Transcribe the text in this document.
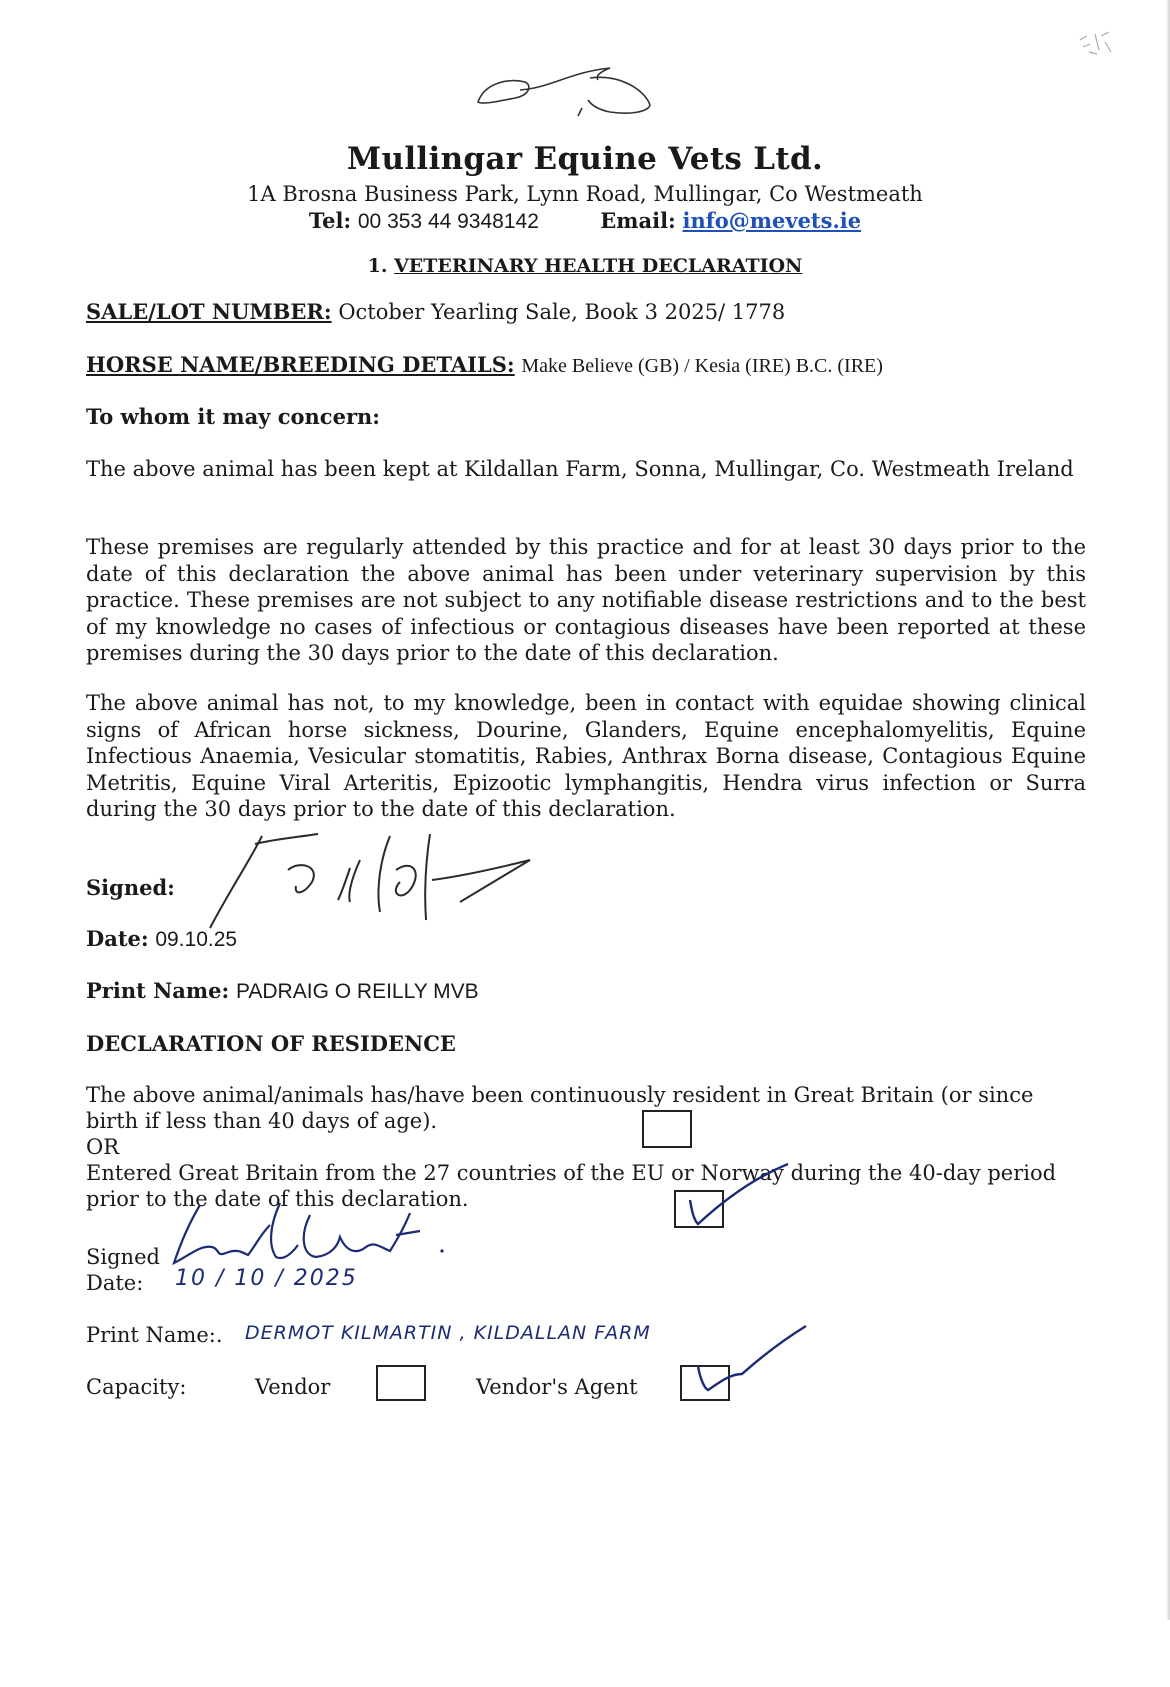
Mullingar Equine Vets Ltd.
1A Brosna Business Park, Lynn Road, Mullingar, Co Westmeath
Tel: 00 353 44 9348142	Email: info@mevets.ie
1. VETERINARY HEALTH DECLARATION
SALE/LOT NUMBER: October Yearling Sale, Book 3 2025/ 1778
HORSE NAME/BREEDING DETAILS: Make Believe (GB) / Kesia (IRE) B.C. (IRE)
To whom it may concern:
The above animal has been kept at Kildallan Farm, Sonna, Mullingar, Co. Westmeath Ireland
These premises are regularly attended by this practice and for at least 30 days prior to the date of this declaration the above animal has been under veterinary supervision by this practice. These premises are not subject to any notifiable disease restrictions and to the best of my knowledge no cases of infectious or contagious diseases have been reported at these premises during the 30 days prior to the date of this declaration.
The above animal has not, to my knowledge, been in contact with equidae showing clinical signs of African horse sickness, Dourine, Glanders, Equine encephalomyelitis, Equine Infectious Anaemia, Vesicular stomatitis, Rabies, Anthrax Borna disease, Contagious Equine Metritis, Equine Viral Arteritis, Epizootic lymphangitis, Hendra virus infection or Surra during the 30 days prior to the date of this declaration.
Signed:
Date: 09.10.25
Print Name: PADRAIG O REILLY MVB
DECLARATION OF RESIDENCE
The above animal/animals has/have been continuously resident in Great Britain (or since
birth if less than 40 days of age).
OR
Entered Great Britain from the 27 countries of the EU or Norway during the 40-day period
prior to the date of this declaration.
Signed
Date: 10 / 10 / 2025
Print Name:. DERMOT KILMARTIN , KILDALLAN FARM
Capacity:	Vendor	Vendor's Agent
